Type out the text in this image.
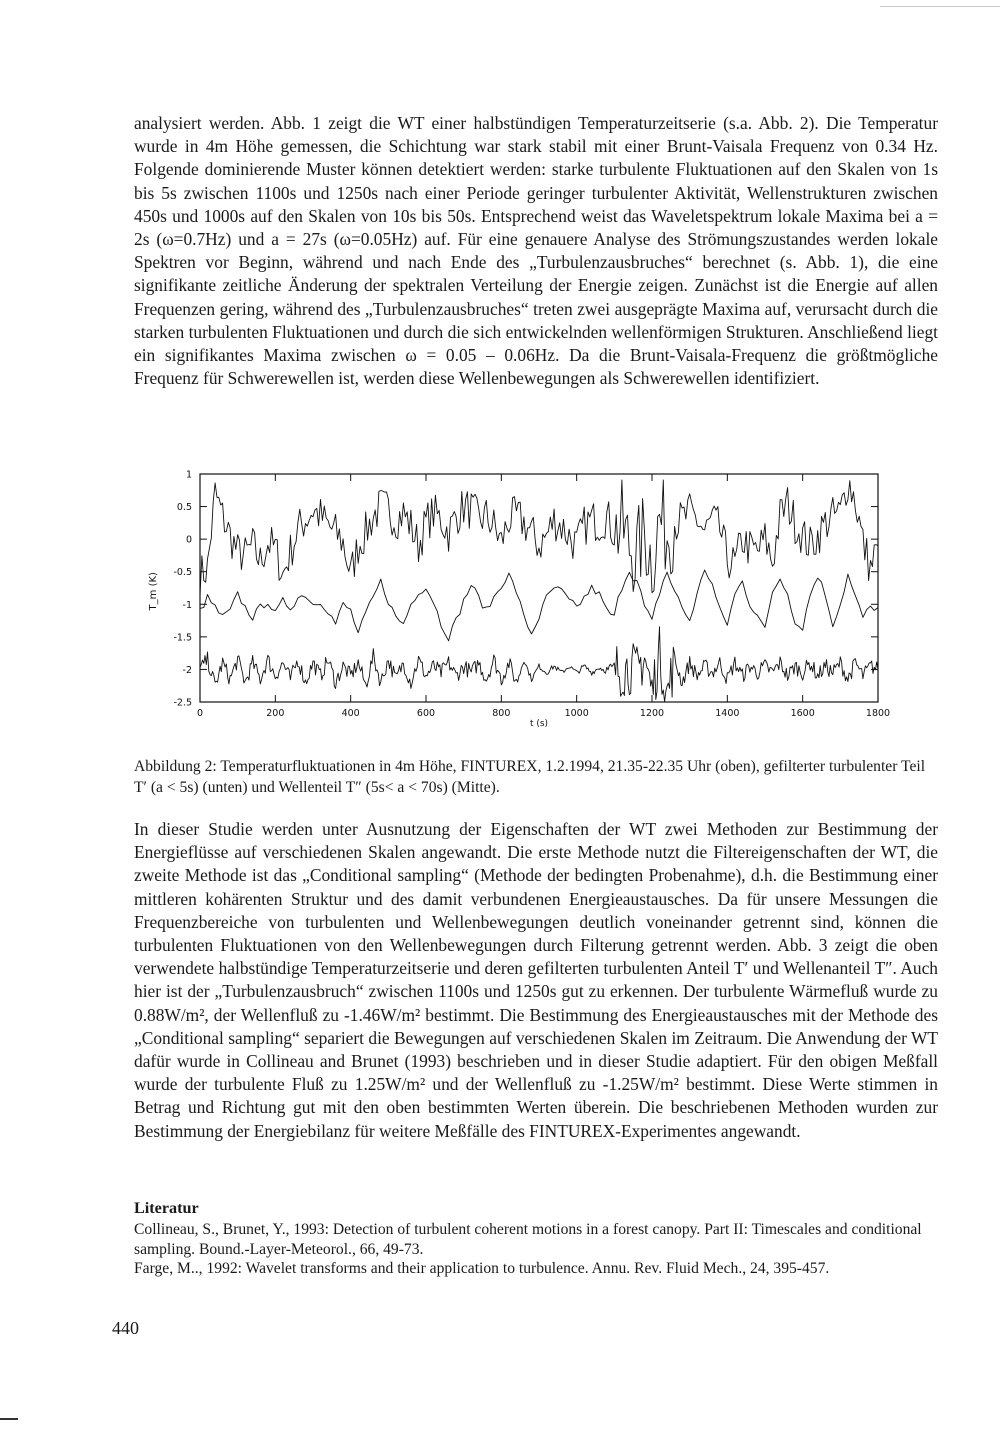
analysiert werden. Abb. 1 zeigt die WT einer halbstündigen Temperaturzeitserie (s.a. Abb. 2). Die Temperatur wurde in 4m Höhe gemessen, die Schichtung war stark stabil mit einer Brunt-Vaisala Frequenz von 0.34 Hz. Folgende dominierende Muster können detektiert werden: starke turbulente Fluktuationen auf den Skalen von 1s bis 5s zwischen 1100s und 1250s nach einer Periode geringer turbulenter Aktivität, Wellenstrukturen zwischen 450s und 1000s auf den Skalen von 10s bis 50s. Entsprechend weist das Waveletspektrum lokale Maxima bei a = 2s (ω=0.7Hz) und a = 27s (ω=0.05Hz) auf. Für eine genauere Analyse des Strömungszustandes werden lokale Spektren vor Beginn, während und nach Ende des „Turbulenzausbruches“ berechnet (s. Abb. 1), die eine signifikante zeitliche Änderung der spektralen Verteilung der Energie zeigen. Zunächst ist die Energie auf allen Frequenzen gering, während des „Turbulenzausbruches“ treten zwei ausgeprägte Maxima auf, verursacht durch die starken turbulenten Fluktuationen und durch die sich entwickelnden wellenförmigen Strukturen. Anschließend liegt ein signifikantes Maxima zwischen ω = 0.05 – 0.06Hz. Da die Brunt-Vaisala-Frequenz die größtmögliche Frequenz für Schwerewellen ist, werden diese Wellenbewegungen als Schwerewellen identifiziert.

0	200	400	600	800	1000	1200	1400	1600	1800
1
0.5
0
-0.5
-1
-1.5
-2
-2.5
t (s)
T_m (K)

Abbildung 2: Temperaturfluktuationen in 4m Höhe, FINTUREX, 1.2.1994, 21.35-22.35 Uhr (oben), gefilterter turbulenter Teil T′ (a < 5s) (unten) und Wellenteil T″ (5s< a < 70s) (Mitte).

In dieser Studie werden unter Ausnutzung der Eigenschaften der WT zwei Methoden zur Bestimmung der Energieflüsse auf verschiedenen Skalen angewandt. Die erste Methode nutzt die Filtereigenschaften der WT, die zweite Methode ist das „Conditional sampling“ (Methode der bedingten Probenahme), d.h. die Bestimmung einer mittleren kohärenten Struktur und des damit verbundenen Energieaustausches. Da für unsere Messungen die Frequenzbereiche von turbulenten und Wellenbewegungen deutlich voneinander getrennt sind, können die turbulenten Fluktuationen von den Wellenbewegungen durch Filterung getrennt werden. Abb. 3 zeigt die oben verwendete halbstündige Temperaturzeitserie und deren gefilterten turbulenten Anteil T′ und Wellenanteil T″. Auch hier ist der „Turbulenzausbruch“ zwischen 1100s und 1250s gut zu erkennen. Der turbulente Wärmefluß wurde zu 0.88W/m², der Wellenfluß zu -1.46W/m² bestimmt. Die Bestimmung des Energieaustausches mit der Methode des „Conditional sampling“ separiert die Bewegungen auf verschiedenen Skalen im Zeitraum. Die Anwendung der WT dafür wurde in Collineau and Brunet (1993) beschrieben und in dieser Studie adaptiert. Für den obigen Meßfall wurde der turbulente Fluß zu 1.25W/m² und der Wellenfluß zu -1.25W/m² bestimmt. Diese Werte stimmen in Betrag und Richtung gut mit den oben bestimmten Werten überein. Die beschriebenen Methoden wurden zur Bestimmung der Energiebilanz für weitere Meßfälle des FINTUREX-Experimentes angewandt.

Literatur

Collineau, S., Brunet, Y., 1993: Detection of turbulent coherent motions in a forest canopy. Part II: Timescales and conditional sampling. Bound.-Layer-Meteorol., 66, 49-73.

Farge, M.., 1992: Wavelet transforms and their application to turbulence. Annu. Rev. Fluid Mech., 24, 395-457.

440
